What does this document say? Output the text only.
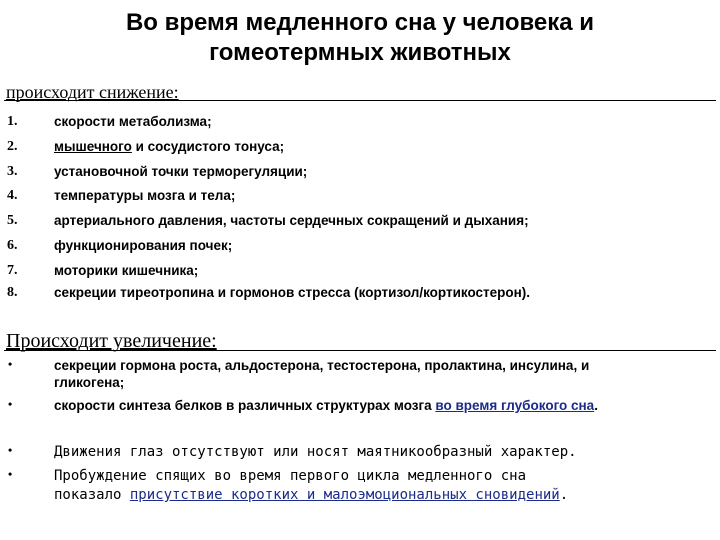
Во время медленного сна у человека и
гомеотермных животных
происходит снижение:
1.	скорости метаболизма;
2.	мышечного и сосудистого тонуса;
3.	установочной точки терморегуляции;
4.	температуры мозга и тела;
5.	артериального давления, частоты сердечных сокращений и дыхания;
6.	функционирования почек;
7.	моторики кишечника;
8.	секреции тиреотропина и гормонов стресса (кортизол/кортикостерон).
Происходит увеличение:
•	секреции гормона роста, альдостерона, тестостерона, пролактина, инсулина, и
гликогена;
•	скорости синтеза белков в различных структурах мозга во время глубокого сна.
•	Движения глаз отсутствуют или носят маятникообразный характер.
•	Пробуждение спящих во время первого цикла медленного сна
показало присутствие коротких и малоэмоциональных сновидений.
